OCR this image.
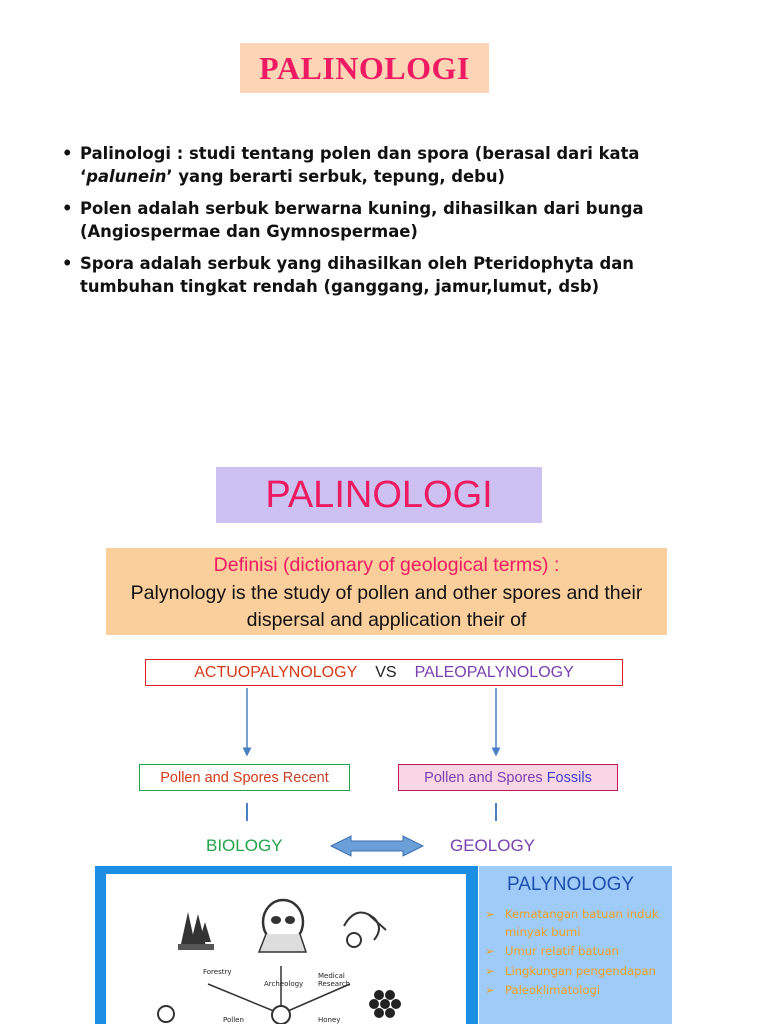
PALINOLOGI
• Palinologi : studi tentang polen dan spora (berasal dari kata ‘palunein’ yang berarti serbuk, tepung, debu)
• Polen adalah serbuk berwarna kuning, dihasilkan dari bunga (Angiospermae dan Gymnospermae)
• Spora adalah serbuk yang dihasilkan oleh Pteridophyta dan tumbuhan tingkat rendah (ganggang, jamur,lumut, dsb)
PALINOLOGI
Definisi (dictionary of geological terms) :
Palynology is the study of pollen and other spores and their dispersal and application their of
ACTUOPALYNOLOGY VS PALEOPALYNOLOGY
Pollen and Spores Recent	Pollen and Spores Fossils
BIOLOGY	GEOLOGY
Forestry
Archeology
Medical
Research
Pollen	Honey
PALYNOLOGY
➢ Kematangan batuan induk minyak bumi
➢ Umur relatif batuan
➢ Lingkungan pengendapan
➢ Paleoklimatologi
